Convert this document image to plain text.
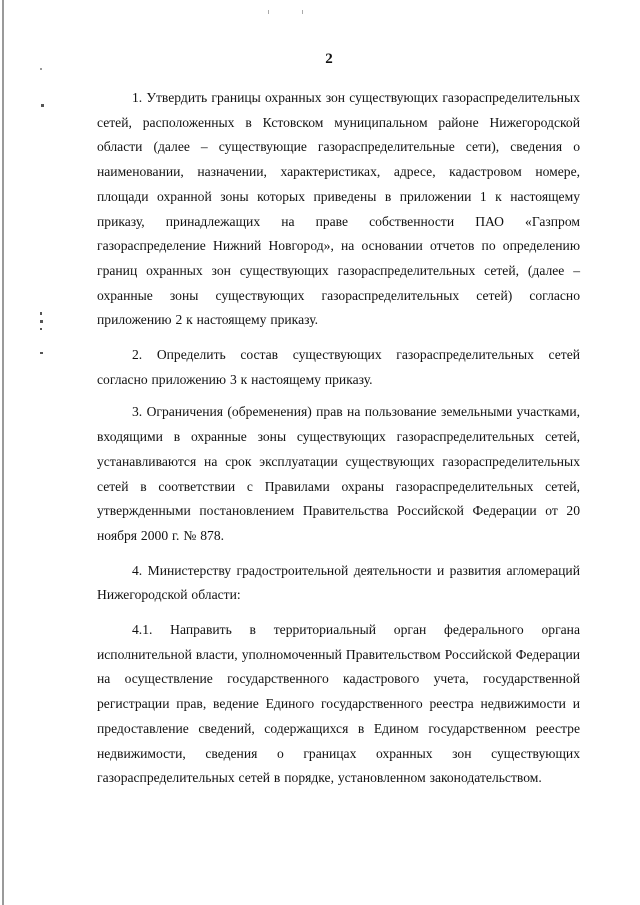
2

1. Утвердить границы охранных зон существующих газораспределительных сетей, расположенных в Кстовском муниципальном районе Нижегородской области (далее – существующие газораспределительные сети), сведения о наименовании, назначении, характеристиках, адресе, кадастровом номере, площади охранной зоны которых приведены в приложении 1 к настоящему приказу, принадлежащих на праве собственности ПАО «Газпром газораспределение Нижний Новгород», на основании отчетов по определению границ охранных зон существующих газораспределительных сетей, (далее – охранные зоны существующих газораспределительных сетей) согласно приложению 2 к настоящему приказу.

2. Определить состав существующих газораспределительных сетей согласно приложению 3 к настоящему приказу.

3. Ограничения (обременения) прав на пользование земельными участками, входящими в охранные зоны существующих газораспределительных сетей, устанавливаются на срок эксплуатации существующих газораспределительных сетей в соответствии с Правилами охраны газораспределительных сетей, утвержденными постановлением Правительства Российской Федерации от 20 ноября 2000 г. № 878.

4. Министерству градостроительной деятельности и развития агломераций Нижегородской области:

4.1. Направить в территориальный орган федерального органа исполнительной власти, уполномоченный Правительством Российской Федерации на осуществление государственного кадастрового учета, государственной регистрации прав, ведение Единого государственного реестра недвижимости и предоставление сведений, содержащихся в Едином государственном реестре недвижимости, сведения о границах охранных зон существующих газораспределительных сетей в порядке, установленном законодательством.
